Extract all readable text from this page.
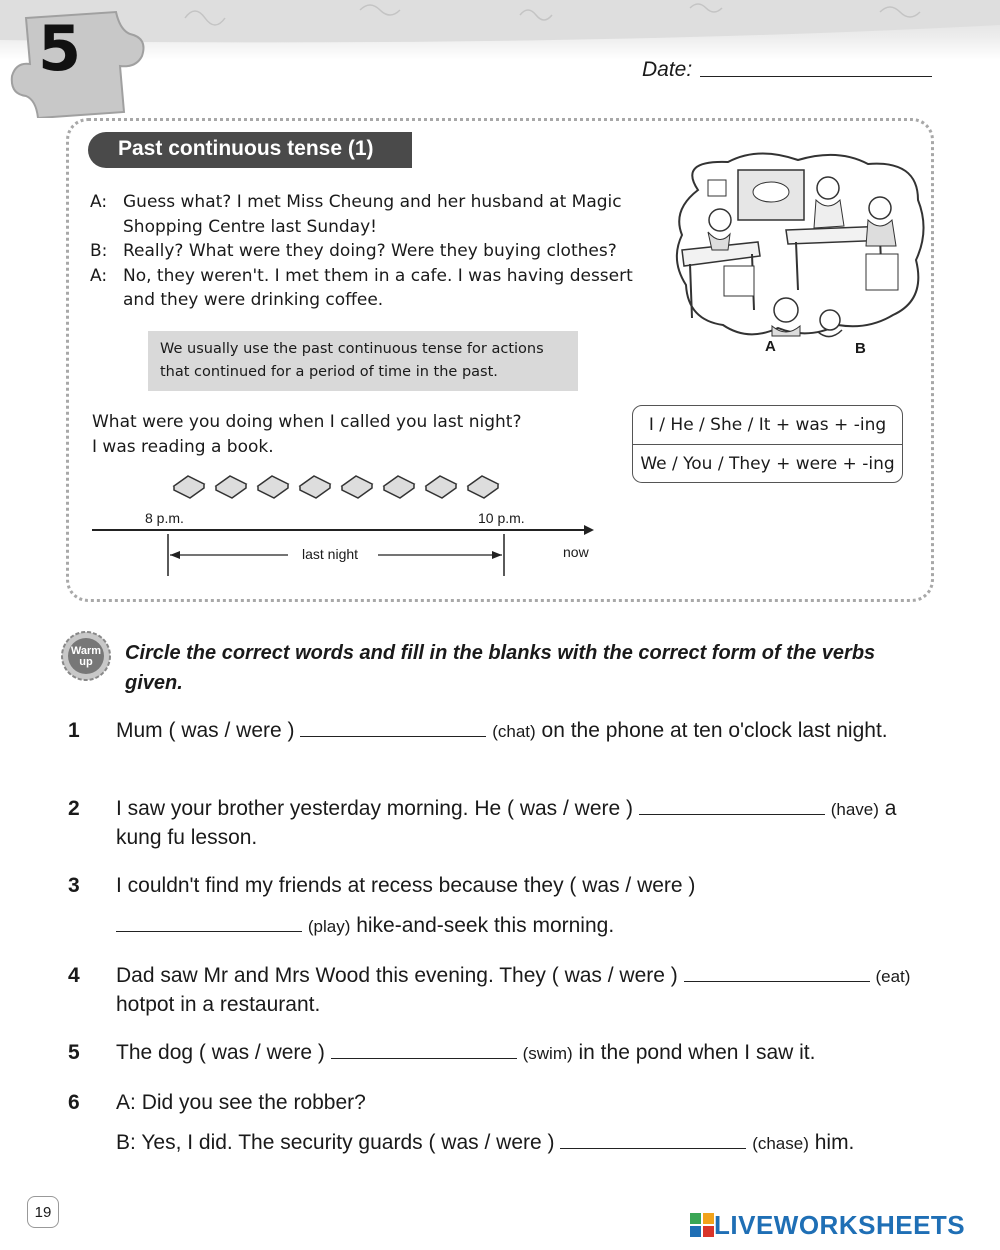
5	Date:
Past continuous tense (1)
A: Guess what? I met Miss Cheung and her husband at Magic Shopping Centre last Sunday!
B: Really? What were they doing? Were they buying clothes?
A: No, they weren't. I met them in a cafe. I was having dessert and they were drinking coffee.
We usually use the past continuous tense for actions that continued for a period of time in the past.
What were you doing when I called you last night?
I was reading a book.
I / He / She / It + was + -ing
We / You / They + were + -ing
A	B
8 p.m.	10 p.m.
last night	now
Warm
up Circle the correct words and fill in the blanks with the correct form of the verbs given.
1 Mum ( was / were )	(chat) on the phone at ten o'clock last night.
2 I saw your brother yesterday morning. He ( was / were )	(have) a kung fu lesson.
3 I couldn't find my friends at recess because they ( was / were )
(play) hike-and-seek this morning.
4 Dad saw Mr and Mrs Wood this evening. They ( was / were )	(eat) hotpot in a restaurant.
5 The dog ( was / were )	(swim) in the pond when I saw it.
6 A: Did you see the robber?
B: Yes, I did. The security guards ( was / were )	(chase) him.
19	LIVEWORKSHEETS
